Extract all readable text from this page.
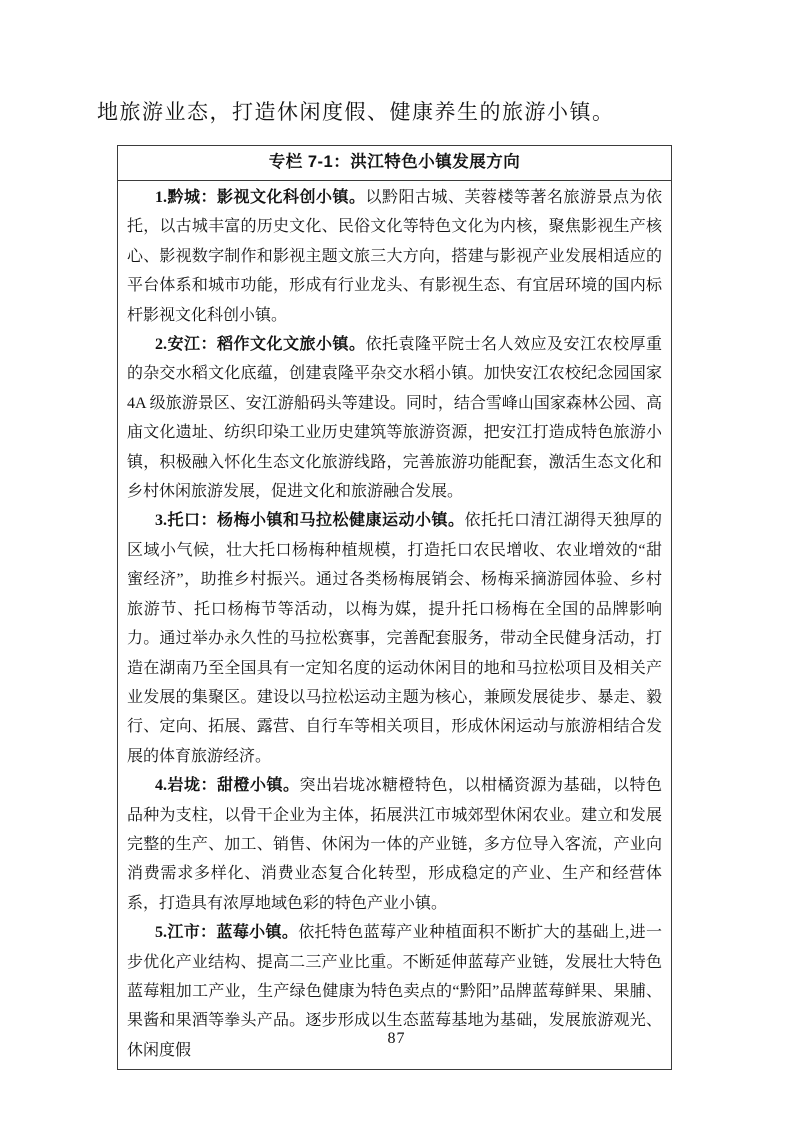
地旅游业态，打造休闲度假、健康养生的旅游小镇。

专栏 7-1：洪江特色小镇发展方向

1.黔城：影视文化科创小镇。以黔阳古城、芙蓉楼等著名旅游景点为依托，以古城丰富的历史文化、民俗文化等特色文化为内核，聚焦影视生产核心、影视数字制作和影视主题文旅三大方向，搭建与影视产业发展相适应的平台体系和城市功能，形成有行业龙头、有影视生态、有宜居环境的国内标杆影视文化科创小镇。

2.安江：稻作文化文旅小镇。依托袁隆平院士名人效应及安江农校厚重的杂交水稻文化底蕴，创建袁隆平杂交水稻小镇。加快安江农校纪念园国家 4A 级旅游景区、安江游船码头等建设。同时，结合雪峰山国家森林公园、高庙文化遗址、纺织印染工业历史建筑等旅游资源，把安江打造成特色旅游小镇，积极融入怀化生态文化旅游线路，完善旅游功能配套，激活生态文化和乡村休闲旅游发展，促进文化和旅游融合发展。

3.托口：杨梅小镇和马拉松健康运动小镇。依托托口清江湖得天独厚的区域小气候，壮大托口杨梅种植规模，打造托口农民增收、农业增效的“甜蜜经济”，助推乡村振兴。通过各类杨梅展销会、杨梅采摘游园体验、乡村旅游节、托口杨梅节等活动，以梅为媒，提升托口杨梅在全国的品牌影响力。通过举办永久性的马拉松赛事，完善配套服务，带动全民健身活动，打造在湖南乃至全国具有一定知名度的运动休闲目的地和马拉松项目及相关产业发展的集聚区。建设以马拉松运动主题为核心，兼顾发展徒步、暴走、毅行、定向、拓展、露营、自行车等相关项目，形成休闲运动与旅游相结合发展的体育旅游经济。

4.岩垅：甜橙小镇。突出岩垅冰糖橙特色，以柑橘资源为基础，以特色品种为支柱，以骨干企业为主体，拓展洪江市城郊型休闲农业。建立和发展完整的生产、加工、销售、休闲为一体的产业链，多方位导入客流，产业向消费需求多样化、消费业态复合化转型，形成稳定的产业、生产和经营体系，打造具有浓厚地域色彩的特色产业小镇。

5.江市：蓝莓小镇。依托特色蓝莓产业种植面积不断扩大的基础上,进一步优化产业结构、提高二三产业比重。不断延伸蓝莓产业链，发展壮大特色蓝莓粗加工产业，生产绿色健康为特色卖点的“黔阳”品牌蓝莓鲜果、果脯、果酱和果酒等拳头产品。逐步形成以生态蓝莓基地为基础，发展旅游观光、休闲度假

87
